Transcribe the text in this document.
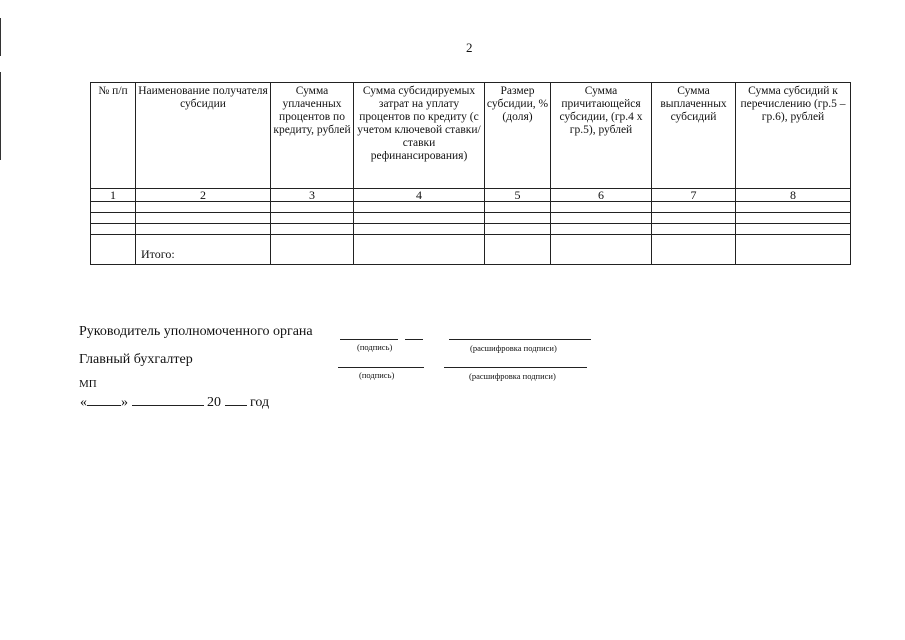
2
№ п/п	Наименование получателя субсидии	Сумма уплаченных процентов по кредиту, рублей	Сумма субсидируемых затрат на уплату процентов по кредиту (с учетом ключевой ставки/ставки рефинансирования)	Размер субсидии, % (доля)	Сумма причитающейся субсидии, (гр.4 х гр.5), рублей	Сумма выплаченных субсидий	Сумма субсидий к перечислению (гр.5 – гр.6), рублей
1	2	3	4	5	6	7	8

	Итого:						

Руководитель уполномоченного органа
(подпись)	(расшифровка подписи)
Главный бухгалтер
(подпись)	(расшифровка подписи)
МП
« »	20 год
